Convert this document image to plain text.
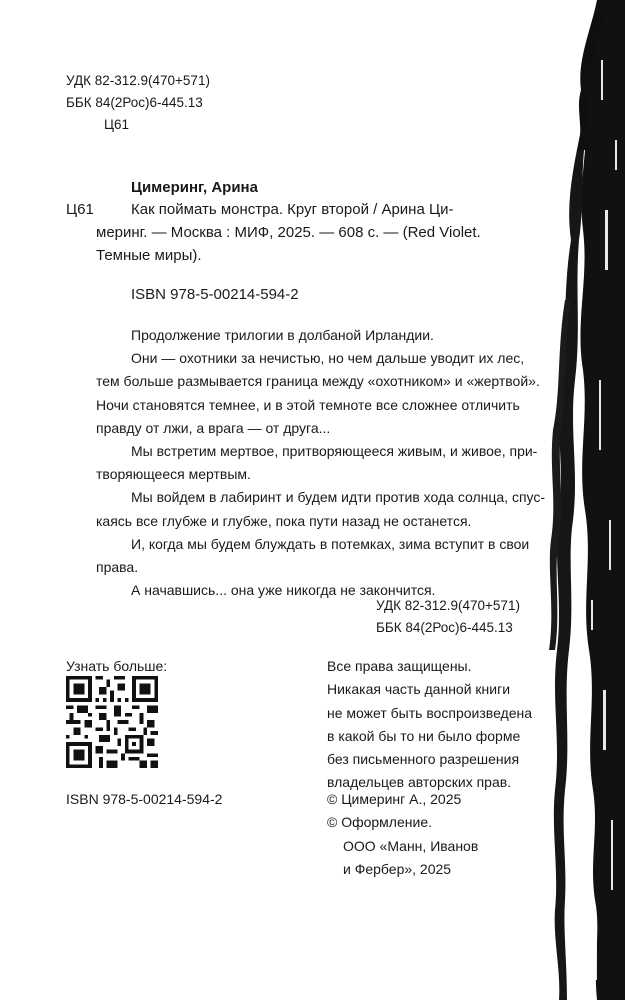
УДК 82-312.9(470+571)
ББК 84(2Рос)6-445.13
Ц61
Цимеринг, Арина
Ц61 Как поймать монстра. Круг второй / Арина Ци-
меринг. — Москва : МИФ, 2025. — 608 с. — (Red Violet.
Темные миры).
ISBN 978-5-00214-594-2
Продолжение трилогии в долбаной Ирландии.
Они — охотники за нечистью, но чем дальше уводит их лес,
тем больше размывается граница между «охотником» и «жертвой».
Ночи становятся темнее, и в этой темноте все сложнее отличить
правду от лжи, а врага — от друга...
Мы встретим мертвое, притворяющееся живым, и живое, при-
творяющееся мертвым.
Мы войдем в лабиринт и будем идти против хода солнца, спус-
каясь все глубже и глубже, пока пути назад не останется.
И, когда мы будем блуждать в потемках, зима вступит в свои
права.
А начавшись... она уже никогда не закончится.
УДК 82-312.9(470+571)
ББК 84(2Рос)6-445.13
Узнать больше:
ISBN 978-5-00214-594-2
Все права защищены.
Никакая часть данной книги
не может быть воспроизведена
в какой бы то ни было форме
без письменного разрешения
владельцев авторских прав.
© Цимеринг А., 2025
© Оформление.
ООО «Манн, Иванов
и Фербер», 2025
